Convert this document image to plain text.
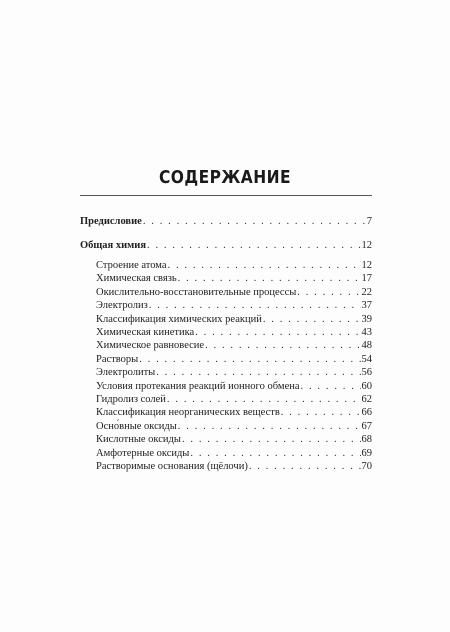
СОДЕРЖАНИЕ
Предисловие . . .	7
Общая химия . . .	12
Строение атома . . .	12
Химическая связь . . .	17
Окислительно-восстановительные процессы . . .	22
Электролиз . . .	37
Классификация химических реакций . . .	39
Химическая кинетика . . .	43
Химическое равновесие . . .	48
Растворы . . .	54
Электролиты . . .	56
Условия протекания реакций ионного обмена . . .	60
Гидролиз солей . . .	62
Классификация неорганических веществ . . .	66
Осно́вные оксиды . . .	67
Кислотные оксиды . . .	68
Амфотерные оксиды . . .	69
Растворимые основания (щёлочи) . . .	70
